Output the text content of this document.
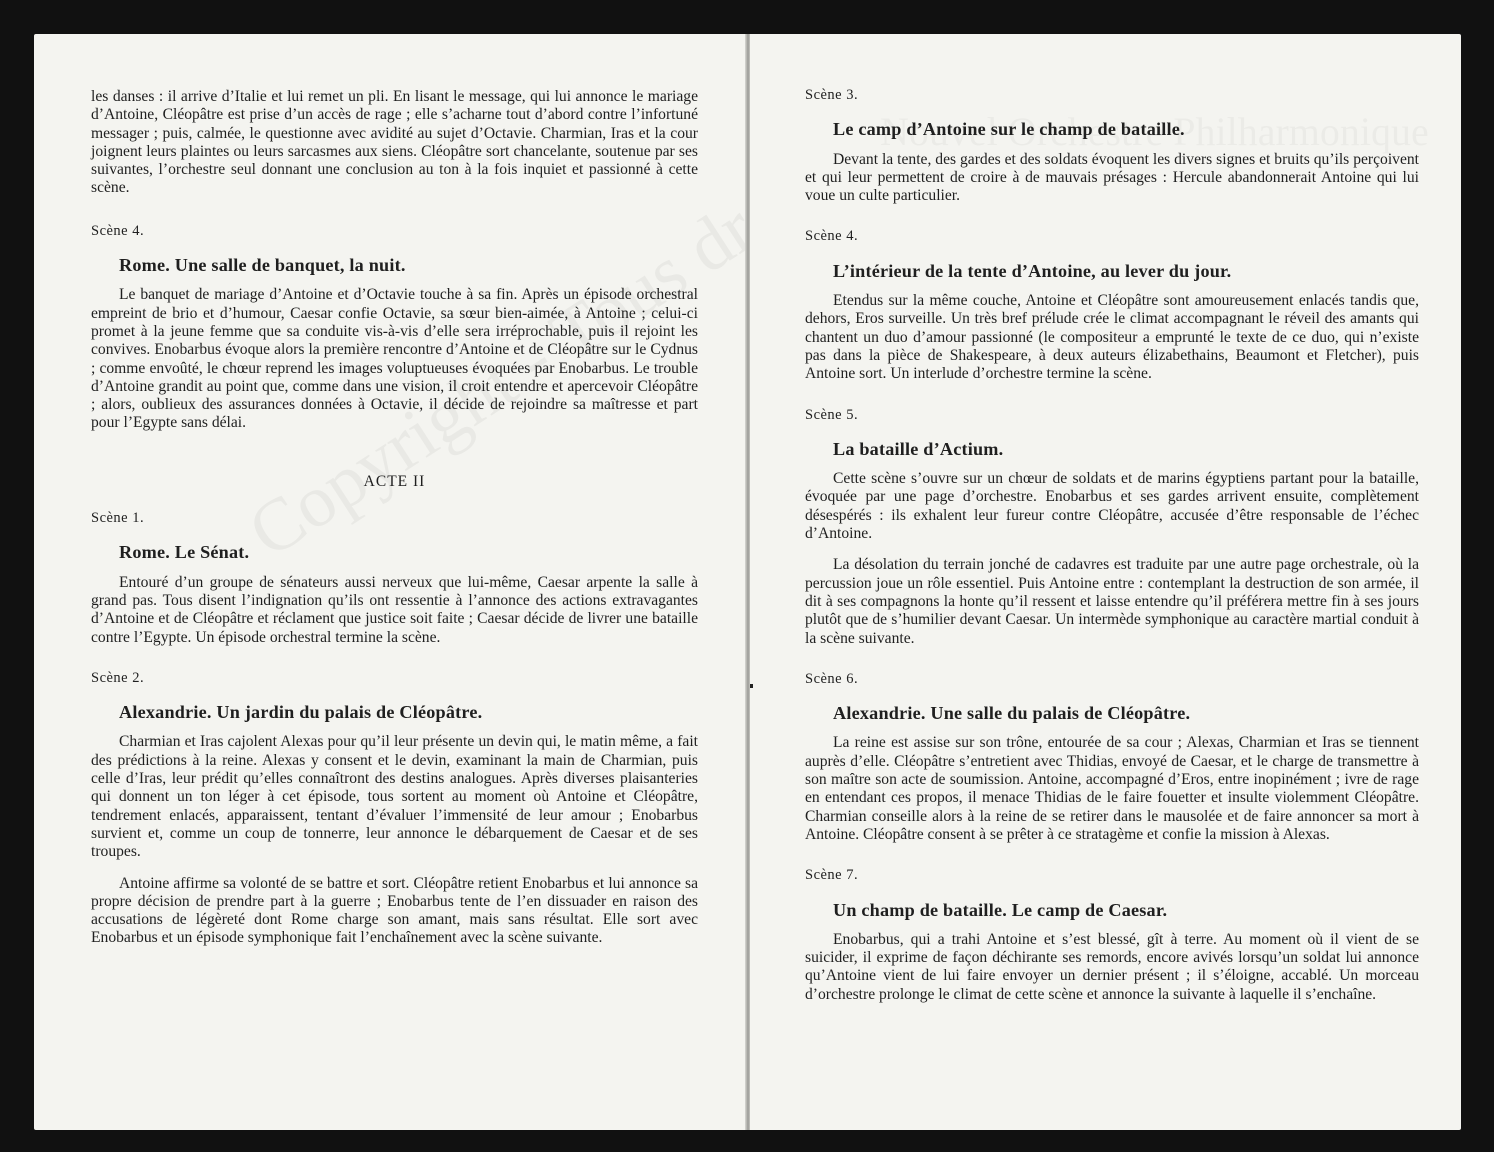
les danses : il arrive d’Italie et lui remet un pli. En lisant le message, qui lui annonce le mariage d’Antoine, Cléopâtre est prise d’un accès de rage ; elle s’acharne tout d’abord contre l’infortuné messager ; puis, calmée, le questionne avec avidité au sujet d’Octavie. Charmian, Iras et la cour joignent leurs plaintes ou leurs sarcasmes aux siens. Cléopâtre sort chancelante, soutenue par ses suivantes, l’orchestre seul donnant une conclusion au ton à la fois inquiet et passionné à cette scène.

Scène 4.
Rome. Une salle de banquet, la nuit.

Le banquet de mariage d’Antoine et d’Octavie touche à sa fin. Après un épisode orchestral empreint de brio et d’humour, Caesar confie Octavie, sa sœur bien-aimée, à Antoine ; celui-ci promet à la jeune femme que sa conduite vis-à-vis d’elle sera irréprochable, puis il rejoint les convives. Enobarbus évoque alors la première rencontre d’Antoine et de Cléopâtre sur le Cydnus ; comme envoûté, le chœur reprend les images voluptueuses évoquées par Enobarbus. Le trouble d’Antoine grandit au point que, comme dans une vision, il croit entendre et apercevoir Cléopâtre ; alors, oublieux des assurances données à Octavie, il décide de rejoindre sa maîtresse et part pour l’Egypte sans délai.

ACTE II
Scène 1.
Rome. Le Sénat.

Entouré d’un groupe de sénateurs aussi nerveux que lui-même, Caesar arpente la salle à grand pas. Tous disent l’indignation qu’ils ont ressentie à l’annonce des actions extravagantes d’Antoine et de Cléopâtre et réclament que justice soit faite ; Caesar décide de livrer une bataille contre l’Egypte. Un épisode orchestral termine la scène.

Scène 2.
Alexandrie. Un jardin du palais de Cléopâtre.

Charmian et Iras cajolent Alexas pour qu’il leur présente un devin qui, le matin même, a fait des prédictions à la reine. Alexas y consent et le devin, examinant la main de Charmian, puis celle d’Iras, leur prédit qu’elles connaîtront des destins analogues. Après diverses plaisanteries qui donnent un ton léger à cet épisode, tous sortent au moment où Antoine et Cléopâtre, tendrement enlacés, apparaissent, tentant d’évaluer l’immensité de leur amour ; Enobarbus survient et, comme un coup de tonnerre, leur annonce le débarquement de Caesar et de ses troupes.

Antoine affirme sa volonté de se battre et sort. Cléopâtre retient Enobarbus et lui annonce sa propre décision de prendre part à la guerre ; Enobarbus tente de l’en dissuader en raison des accusations de légèreté dont Rome charge son amant, mais sans résultat. Elle sort avec Enobarbus et un épisode symphonique fait l’enchaînement avec la scène suivante.

Scène 3.
Le camp d’Antoine sur le champ de bataille.

Devant la tente, des gardes et des soldats évoquent les divers signes et bruits qu’ils perçoivent et qui leur permettent de croire à de mauvais présages : Hercule abandonnerait Antoine qui lui voue un culte particulier.

Scène 4.
L’intérieur de la tente d’Antoine, au lever du jour.

Etendus sur la même couche, Antoine et Cléopâtre sont amoureusement enlacés tandis que, dehors, Eros surveille. Un très bref prélude crée le climat accompagnant le réveil des amants qui chantent un duo d’amour passionné (le compositeur a emprunté le texte de ce duo, qui n’existe pas dans la pièce de Shakespeare, à deux auteurs élizabethains, Beaumont et Fletcher), puis Antoine sort. Un interlude d’orchestre termine la scène.

Scène 5.
La bataille d’Actium.

Cette scène s’ouvre sur un chœur de soldats et de marins égyptiens partant pour la bataille, évoquée par une page d’orchestre. Enobarbus et ses gardes arrivent ensuite, complètement désespérés : ils exhalent leur fureur contre Cléopâtre, accusée d’être responsable de l’échec d’Antoine.

La désolation du terrain jonché de cadavres est traduite par une autre page orchestrale, où la percussion joue un rôle essentiel. Puis Antoine entre : contemplant la destruction de son armée, il dit à ses compagnons la honte qu’il ressent et laisse entendre qu’il préférera mettre fin à ses jours plutôt que de s’humilier devant Caesar. Un intermède symphonique au caractère martial conduit à la scène suivante.

Scène 6.
Alexandrie. Une salle du palais de Cléopâtre.

La reine est assise sur son trône, entourée de sa cour ; Alexas, Charmian et Iras se tiennent auprès d’elle. Cléopâtre s’entretient avec Thidias, envoyé de Caesar, et le charge de transmettre à son maître son acte de soumission. Antoine, accompagné d’Eros, entre inopinément ; ivre de rage en entendant ces propos, il menace Thidias de le faire fouetter et insulte violemment Cléopâtre. Charmian conseille alors à la reine de se retirer dans le mausolée et de faire annoncer sa mort à Antoine. Cléopâtre consent à se prêter à ce stratagème et confie la mission à Alexas.

Scène 7.
Un champ de bataille. Le camp de Caesar.

Enobarbus, qui a trahi Antoine et s’est blessé, gît à terre. Au moment où il vient de se suicider, il exprime de façon déchirante ses remords, encore avivés lorsqu’un soldat lui annonce qu’Antoine vient de lui faire envoyer un dernier présent ; il s’éloigne, accablé. Un morceau d’orchestre prolonge le climat de cette scène et annonce la suivante à laquelle il s’enchaîne.
